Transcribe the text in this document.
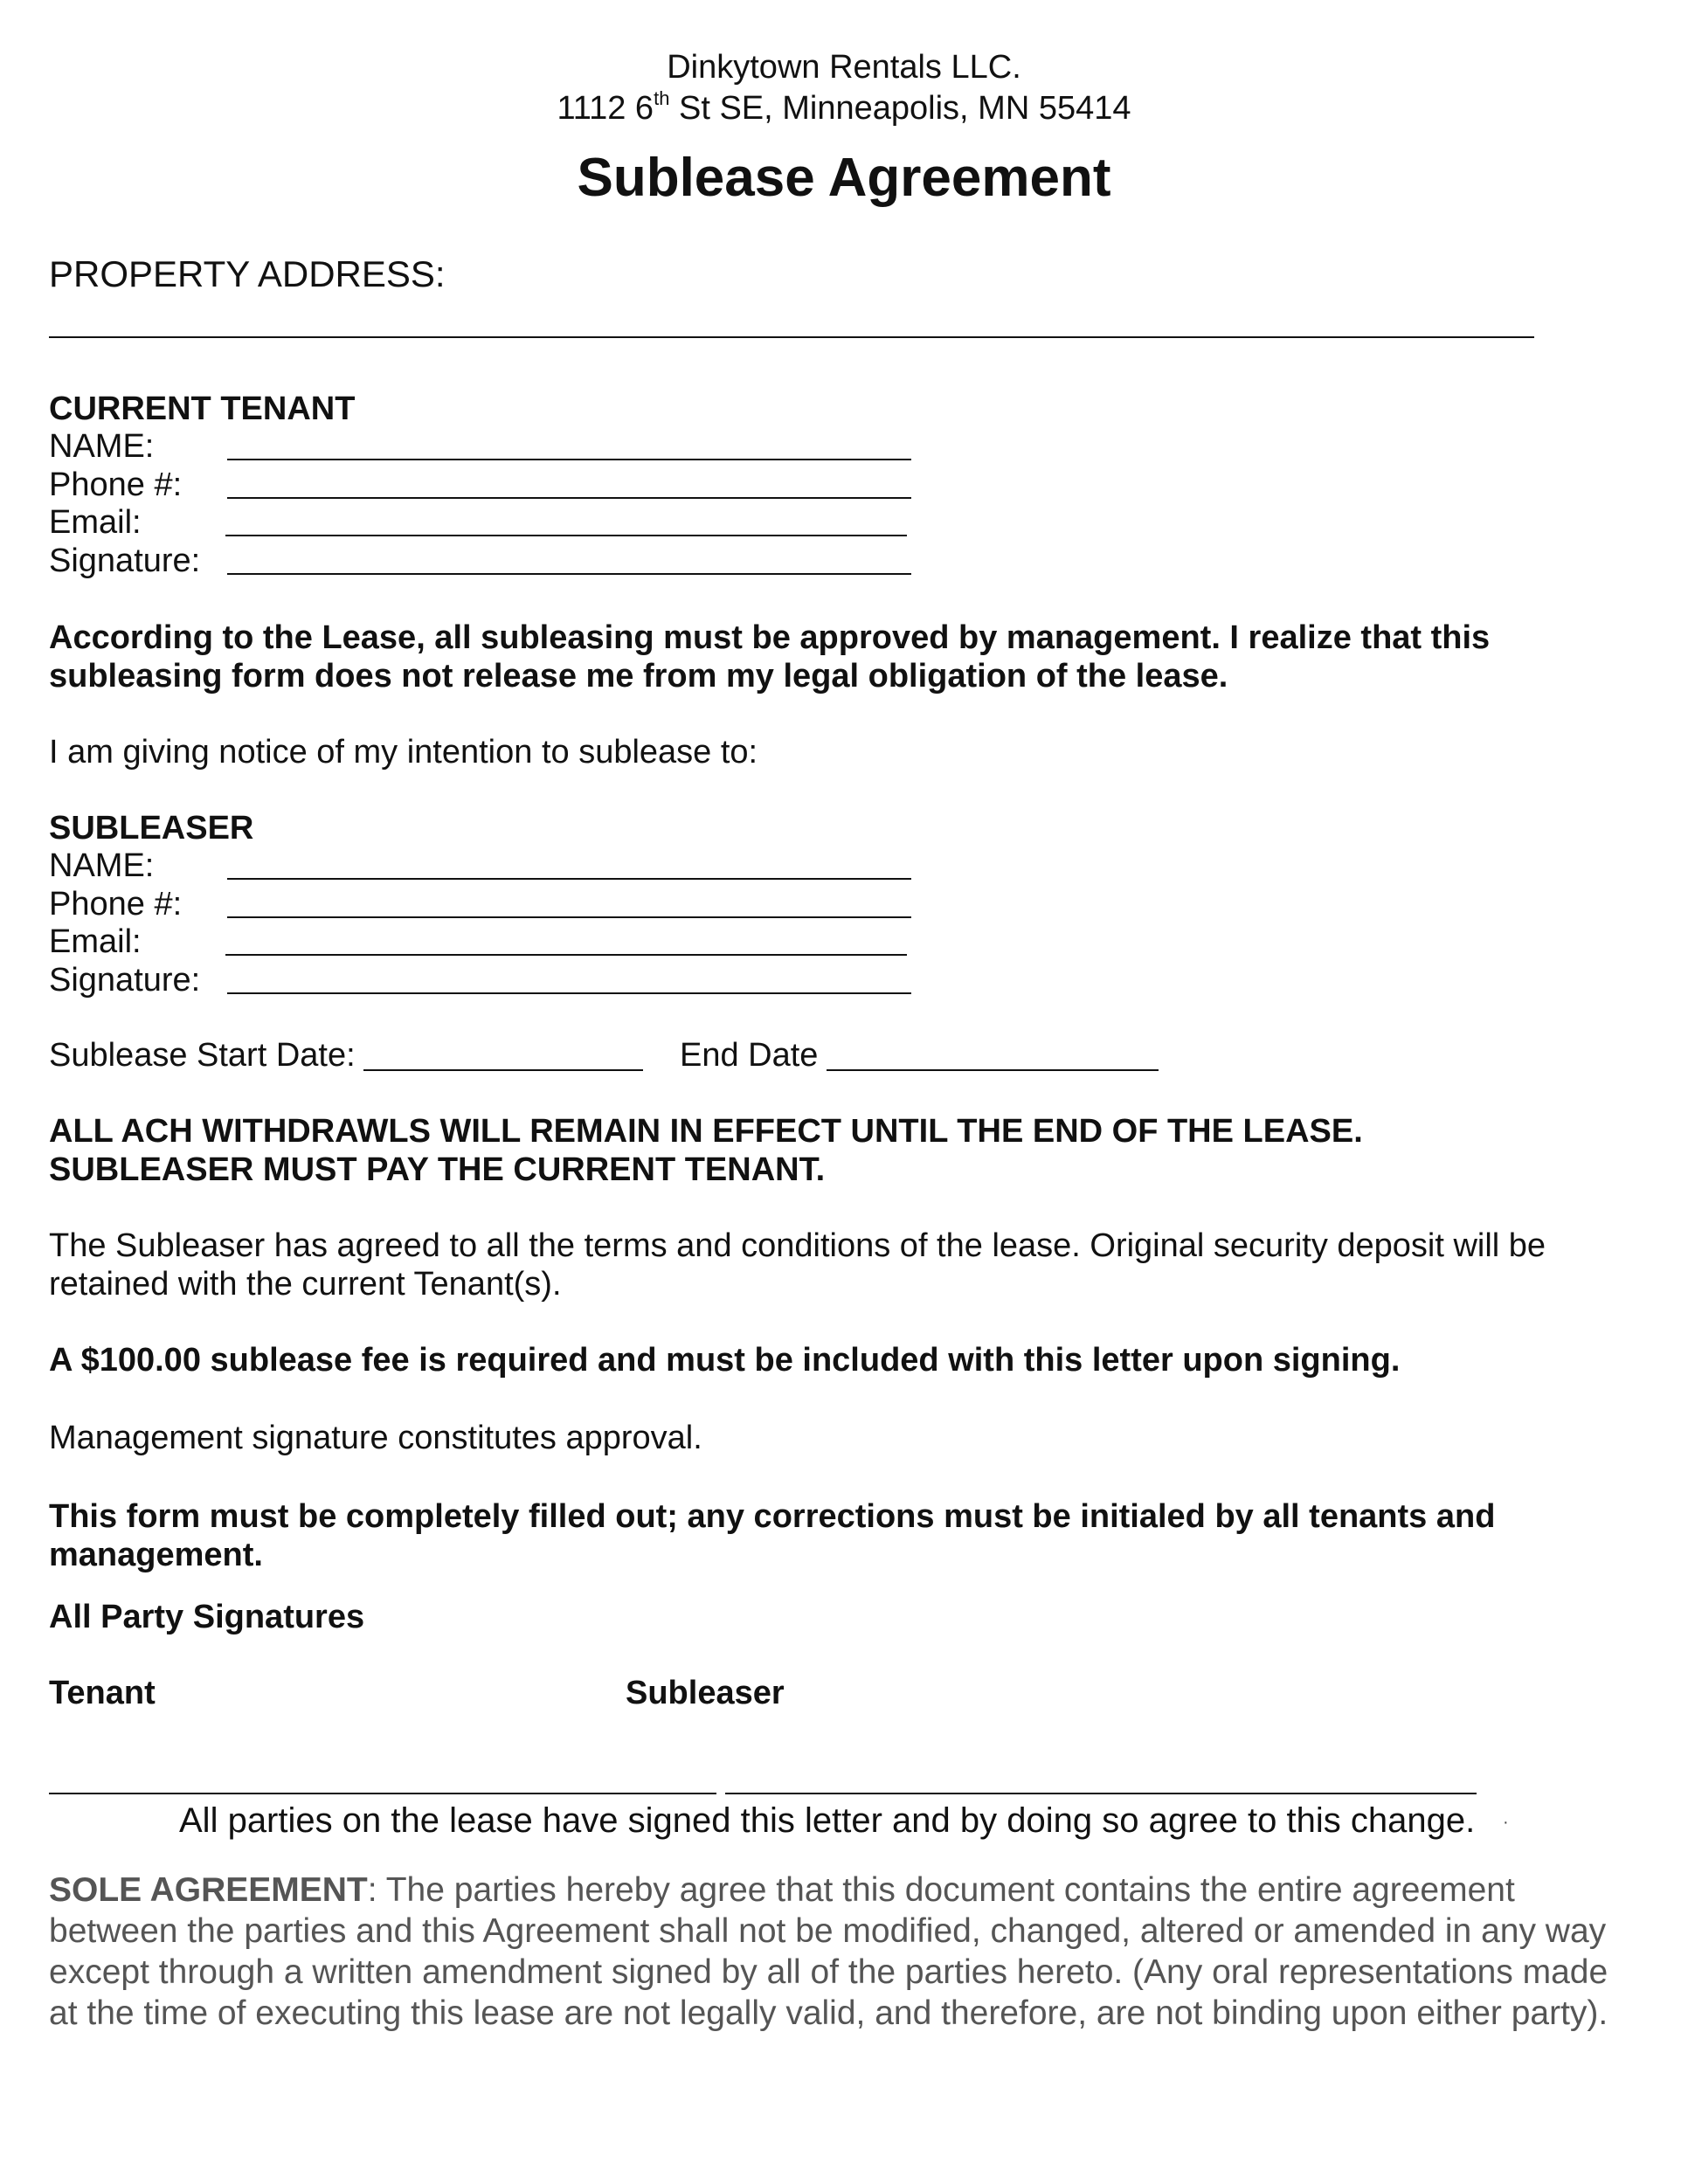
Dinkytown Rentals LLC.
1112 6th St SE, Minneapolis, MN 55414
Sublease Agreement
PROPERTY ADDRESS:
CURRENT TENANT
NAME:
Phone #:
Email:
Signature:
According to the Lease, all subleasing must be approved by management. I realize that this subleasing form does not release me from my legal obligation of the lease.
I am giving notice of my intention to sublease to:
SUBLEASER
NAME:
Phone #:
Email:
Signature:
Sublease Start Date:	End Date
ALL ACH WITHDRAWLS WILL REMAIN IN EFFECT UNTIL THE END OF THE LEASE.
SUBLEASER MUST PAY THE CURRENT TENANT.
The Subleaser has agreed to all the terms and conditions of the lease. Original security deposit will be retained with the current Tenant(s).
A $100.00 sublease fee is required and must be included with this letter upon signing.
Management signature constitutes approval.
This form must be completely filled out; any corrections must be initialed by all tenants and management.
All Party Signatures
Tenant	Subleaser
All parties on the lease have signed this letter and by doing so agree to this change. ·
SOLE AGREEMENT: The parties hereby agree that this document contains the entire agreement between the parties and this Agreement shall not be modified, changed, altered or amended in any way except through a written amendment signed by all of the parties hereto. (Any oral representations made at the time of executing this lease are not legally valid, and therefore, are not binding upon either party).
